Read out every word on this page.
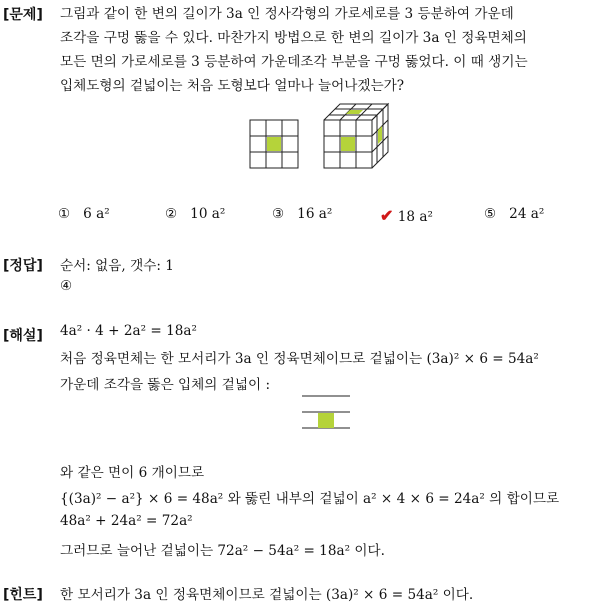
[문제] 그림과 같이 한 변의 길이가 3a 인 정사각형의 가로세로를 3 등분하여 가운데
조각을 구멍 뚫을 수 있다. 마찬가지 방법으로 한 변의 길이가 3a 인 정육면체의
모든 면의 가로세로를 3 등분하여 가운데조각 부분을 구멍 뚫었다. 이 때 생기는
입체도형의 겉넓이는 처음 도형보다 얼마나 늘어나겠는가?
① 6 a²	② 10 a²	③ 16 a²	✔ 18 a²	⑤ 24 a²
[정답] 순서: 없음, 갯수: 1
④
[해설] 4a² · 4 + 2a² = 18a²
처음 정육면체는 한 모서리가 3a 인 정육면체이므로 겉넓이는 (3a)² × 6 = 54a²
가운데 조각을 뚫은 입체의 겉넓이 :
와 같은 면이 6 개이므로
{(3a)² − a²} × 6 = 48a² 와 뚫린 내부의 겉넓이 a² × 4 × 6 = 24a² 의 합이므로
48a² + 24a² = 72a²
그러므로 늘어난 겉넓이는 72a² − 54a² = 18a² 이다.
[힌트] 한 모서리가 3a 인 정육면체이므로 겉넓이는 (3a)² × 6 = 54a² 이다.
